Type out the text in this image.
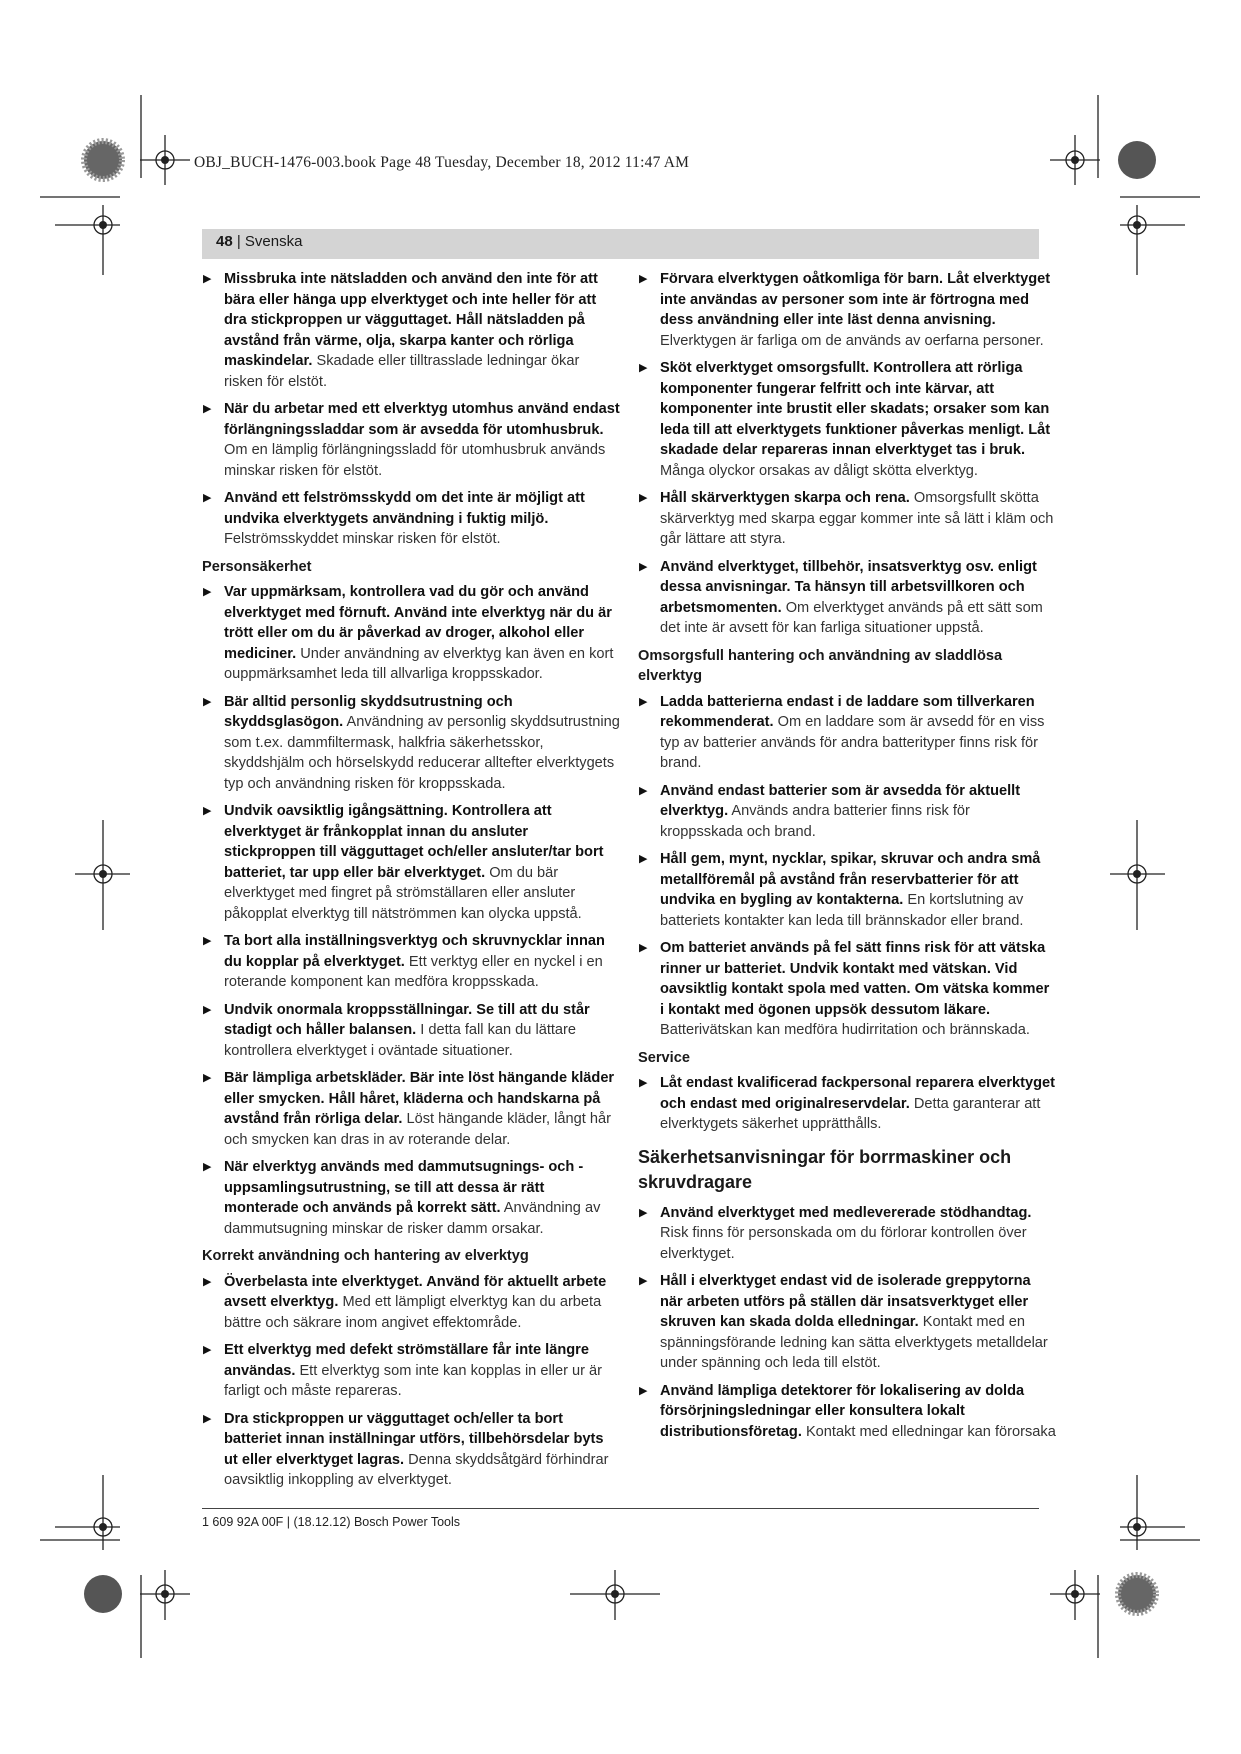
OBJ_BUCH-1476-003.book Page 48 Tuesday, December 18, 2012 11:47 AM
48 | Svenska
▶ Missbruka inte nätsladden och använd den inte för att bära eller hänga upp elverktyget och inte heller för att dra stickproppen ur vägguttaget. Håll nätsladden på avstånd från värme, olja, skarpa kanter och rörliga maskindelar. Skadade eller tilltrasslade ledningar ökar risken för elstöt.
▶ När du arbetar med ett elverktyg utomhus använd endast förlängningssladdar som är avsedda för utomhusbruk. Om en lämplig förlängningssladd för utomhusbruk används minskar risken för elstöt.
▶ Använd ett felströmsskydd om det inte är möjligt att undvika elverktygets användning i fuktig miljö. Felströmsskyddet minskar risken för elstöt.
Personsäkerhet
▶ Var uppmärksam, kontrollera vad du gör och använd elverktyget med förnuft. Använd inte elverktyg när du är trött eller om du är påverkad av droger, alkohol eller mediciner. Under användning av elverktyg kan även en kort ouppmärksamhet leda till allvarliga kroppsskador.
▶ Bär alltid personlig skyddsutrustning och skyddsglasögon. Användning av personlig skyddsutrustning som t.ex. dammfiltermask, halkfria säkerhetsskor, skyddshjälm och hörselskydd reducerar alltefter elverktygets typ och användning risken för kroppsskada.
▶ Undvik oavsiktlig igångsättning. Kontrollera att elverktyget är frånkopplat innan du ansluter stickproppen till vägguttaget och/eller ansluter/tar bort batteriet, tar upp eller bär elverktyget. Om du bär elverktyget med fingret på strömställaren eller ansluter påkopplat elverktyg till nätströmmen kan olycka uppstå.
▶ Ta bort alla inställningsverktyg och skruvnycklar innan du kopplar på elverktyget. Ett verktyg eller en nyckel i en roterande komponent kan medföra kroppsskada.
▶ Undvik onormala kroppsställningar. Se till att du står stadigt och håller balansen. I detta fall kan du lättare kontrollera elverktyget i oväntade situationer.
▶ Bär lämpliga arbetskläder. Bär inte löst hängande kläder eller smycken. Håll håret, kläderna och handskarna på avstånd från rörliga delar. Löst hängande kläder, långt hår och smycken kan dras in av roterande delar.
▶ När elverktyg används med dammutsugnings- och -uppsamlingsutrustning, se till att dessa är rätt monterade och används på korrekt sätt. Användning av dammutsugning minskar de risker damm orsakar.
Korrekt användning och hantering av elverktyg
▶ Överbelasta inte elverktyget. Använd för aktuellt arbete avsett elverktyg. Med ett lämpligt elverktyg kan du arbeta bättre och säkrare inom angivet effektområde.
▶ Ett elverktyg med defekt strömställare får inte längre användas. Ett elverktyg som inte kan kopplas in eller ur är farligt och måste repareras.
▶ Dra stickproppen ur vägguttaget och/eller ta bort batteriet innan inställningar utförs, tillbehörsdelar byts ut eller elverktyget lagras. Denna skyddsåtgärd förhindrar oavsiktlig inkoppling av elverktyget.
▶ Förvara elverktygen oåtkomliga för barn. Låt elverktyget inte användas av personer som inte är förtrogna med dess användning eller inte läst denna anvisning. Elverktygen är farliga om de används av oerfarna personer.
▶ Sköt elverktyget omsorgsfullt. Kontrollera att rörliga komponenter fungerar felfritt och inte kärvar, att komponenter inte brustit eller skadats; orsaker som kan leda till att elverktygets funktioner påverkas menligt. Låt skadade delar repareras innan elverktyget tas i bruk. Många olyckor orsakas av dåligt skötta elverktyg.
▶ Håll skärverktygen skarpa och rena. Omsorgsfullt skötta skärverktyg med skarpa eggar kommer inte så lätt i kläm och går lättare att styra.
▶ Använd elverktyget, tillbehör, insatsverktyg osv. enligt dessa anvisningar. Ta hänsyn till arbetsvillkoren och arbetsmomenten. Om elverktyget används på ett sätt som det inte är avsett för kan farliga situationer uppstå.
Omsorgsfull hantering och användning av sladdlösa elverktyg
▶ Ladda batterierna endast i de laddare som tillverkaren rekommenderat. Om en laddare som är avsedd för en viss typ av batterier används för andra batterityper finns risk för brand.
▶ Använd endast batterier som är avsedda för aktuellt elverktyg. Används andra batterier finns risk för kroppsskada och brand.
▶ Håll gem, mynt, nycklar, spikar, skruvar och andra små metallföremål på avstånd från reservbatterier för att undvika en bygling av kontakterna. En kortslutning av batteriets kontakter kan leda till brännskador eller brand.
▶ Om batteriet används på fel sätt finns risk för att vätska rinner ur batteriet. Undvik kontakt med vätskan. Vid oavsiktlig kontakt spola med vatten. Om vätska kommer i kontakt med ögonen uppsök dessutom läkare. Batterivätskan kan medföra hudirritation och brännskada.
Service
▶ Låt endast kvalificerad fackpersonal reparera elverktyget och endast med originalreservdelar. Detta garanterar att elverktygets säkerhet upprätthålls.
Säkerhetsanvisningar för borrmaskiner och skruvdragare
▶ Använd elverktyget med medlevererade stödhandtag. Risk finns för personskada om du förlorar kontrollen över elverktyget.
▶ Håll i elverktyget endast vid de isolerade greppytorna när arbeten utförs på ställen där insatsverktyget eller skruven kan skada dolda elledningar. Kontakt med en spänningsförande ledning kan sätta elverktygets metalldelar under spänning och leda till elstöt.
▶ Använd lämpliga detektorer för lokalisering av dolda försörjningsledningar eller konsultera lokalt distributionsföretag. Kontakt med elledningar kan förorsaka
1 609 92A 00F | (18.12.12) Bosch Power Tools
